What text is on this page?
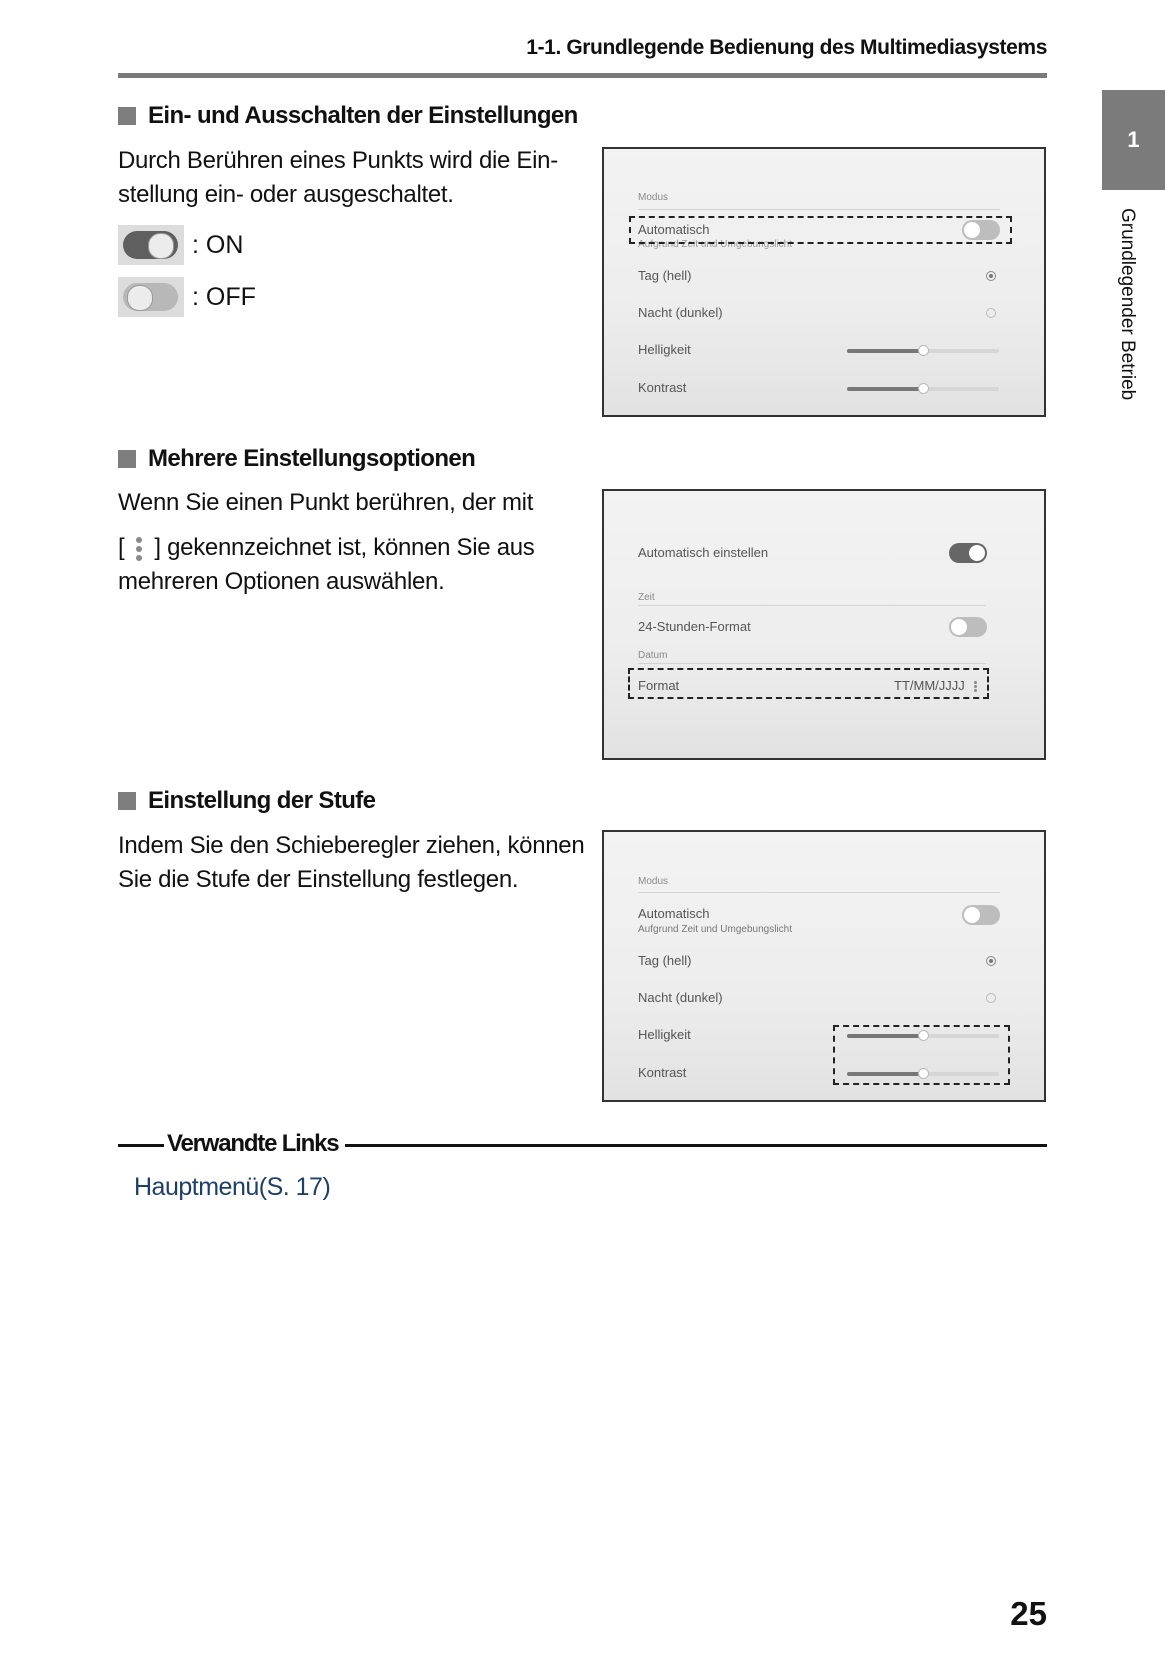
1-1. Grundlegende Bedienung des Multimediasystems
1
Grundlegender Betrieb
Ein- und Ausschalten der Einstellungen
Durch Berühren eines Punkts wird die Ein-
stellung ein- oder ausgeschaltet.
: ON
: OFF
Modus
Automatisch
Aufgrund Zeit und Umgebungslicht
Tag (hell)
Nacht (dunkel)
Helligkeit
Kontrast
Mehrere Einstellungsoptionen
Wenn Sie einen Punkt berühren, der mit
[ ] gekennzeichnet ist, können Sie aus
mehreren Optionen auswählen.
Automatisch einstellen
Zeit
24-Stunden-Format
Datum
Format	TT/MM/JJJJ
Einstellung der Stufe
Indem Sie den Schieberegler ziehen, können
Sie die Stufe der Einstellung festlegen.	Modus
Automatisch
Aufgrund Zeit und Umgebungslicht
Tag (hell)
Nacht (dunkel)
Helligkeit
Kontrast
Verwandte Links
Hauptmenü(S. 17)
25
